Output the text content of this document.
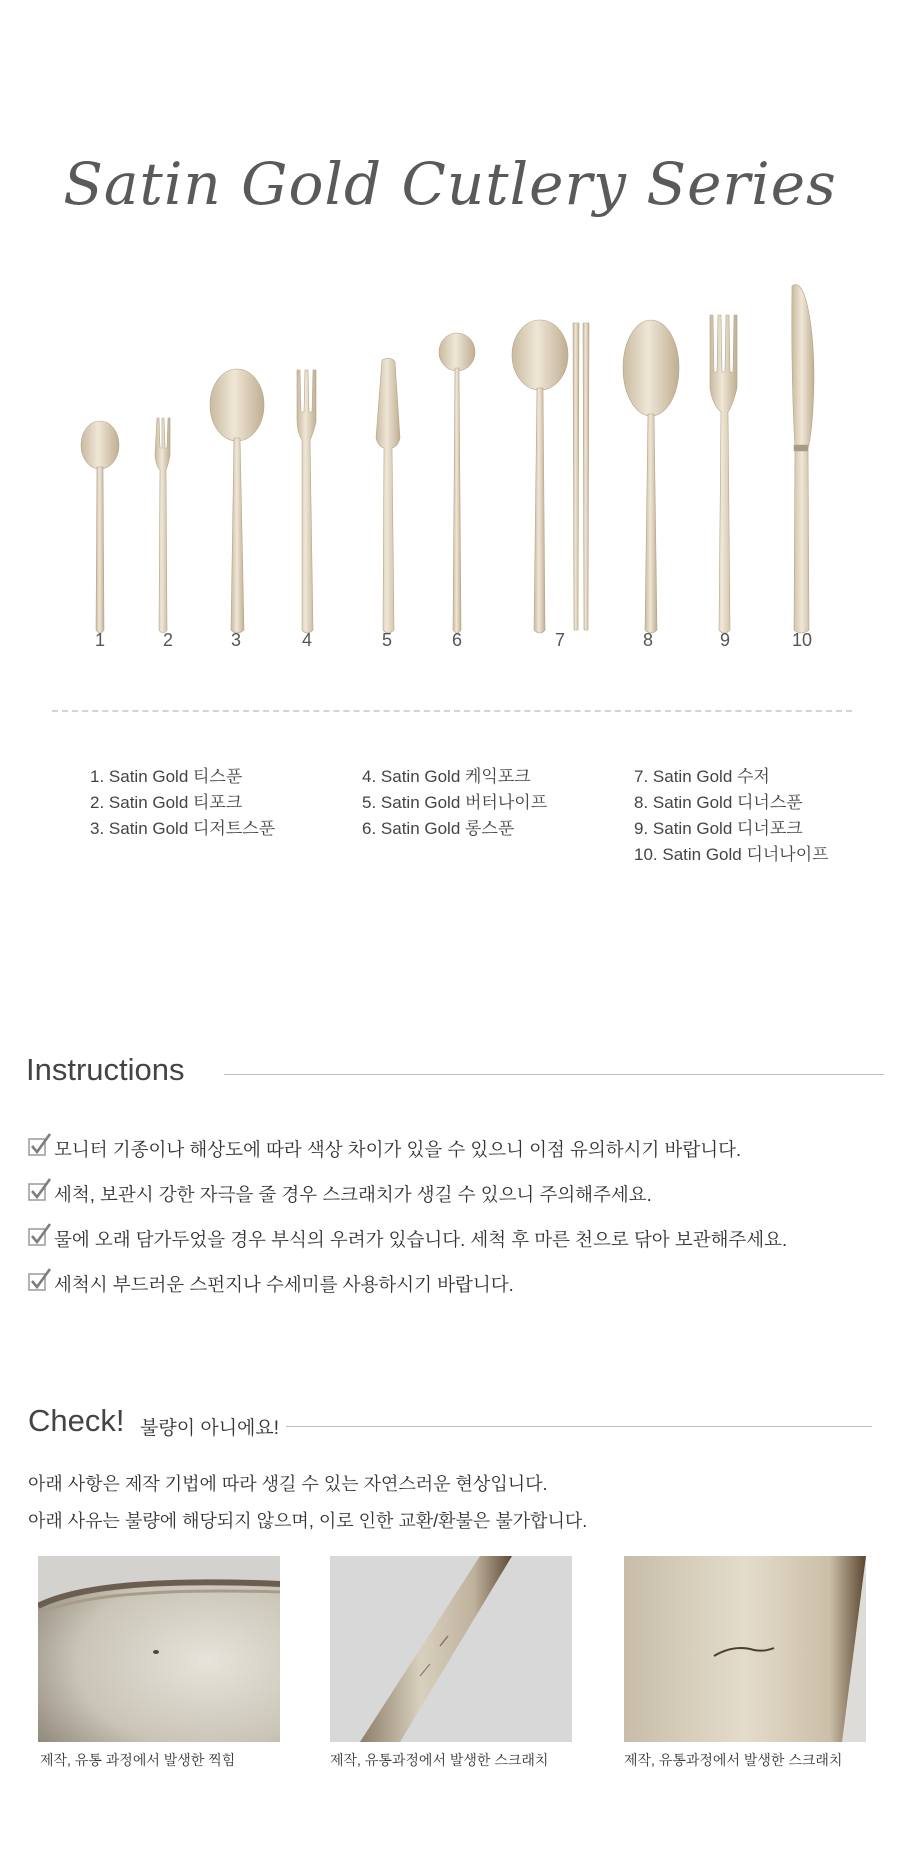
Satin Gold Cutlery Series
1	2	3	4	5	6	7	8	9	10
1. Satin Gold 티스푼
2. Satin Gold 티포크
3. Satin Gold 디저트스푼
4. Satin Gold 케익포크
5. Satin Gold 버터나이프
6. Satin Gold 롱스푼
7. Satin Gold 수저
8. Satin Gold 디너스푼
9. Satin Gold 디너포크
10. Satin Gold 디너나이프
Instructions
모니터 기종이나 해상도에 따라 색상 차이가 있을 수 있으니 이점 유의하시기 바랍니다.
세척, 보관시 강한 자극을 줄 경우 스크래치가 생길 수 있으니 주의해주세요.
물에 오래 담가두었을 경우 부식의 우려가 있습니다. 세척 후 마른 천으로 닦아 보관해주세요.
세척시 부드러운 스펀지나 수세미를 사용하시기 바랍니다.
Check! 불량이 아니에요!
아래 사항은 제작 기법에 따라 생길 수 있는 자연스러운 현상입니다.
아래 사유는 불량에 해당되지 않으며, 이로 인한 교환/환불은 불가합니다.
제작, 유통 과정에서 발생한 찍힘	제작, 유통과정에서 발생한 스크래치	제작, 유통과정에서 발생한 스크래치
